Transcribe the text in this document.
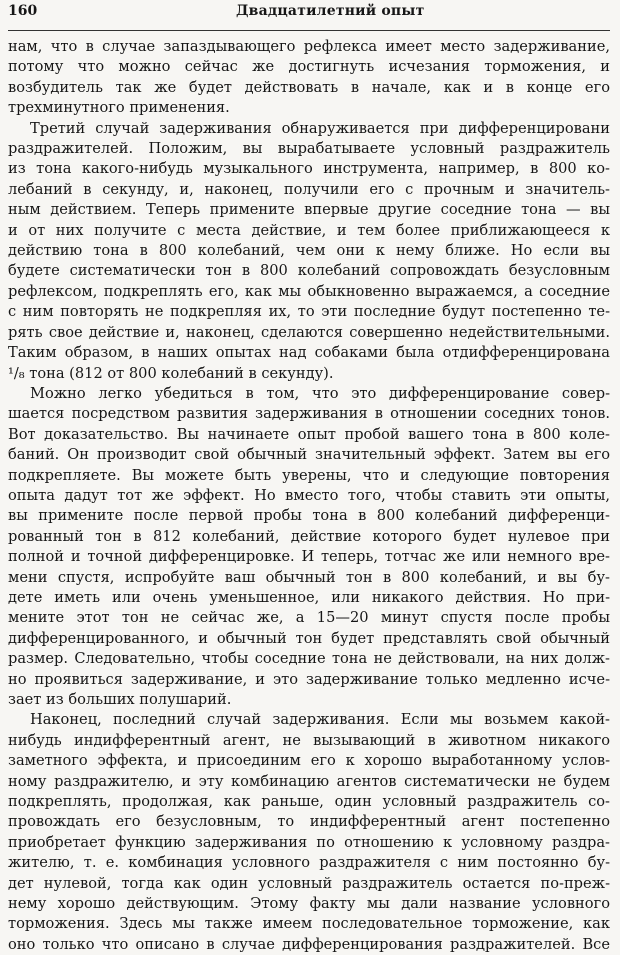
160	Двадцатилетний опыт
нам, что в случае запаздывающего рефлекса имеет место задерживание,
потому что можно сейчас же достигнуть исчезания торможения, и
возбудитель так же будет действовать в начале, как и в конце его
трехминутного применения.
Третий случай задерживания обнаруживается при дифференцировани
раздражителей. Положим, вы вырабатываете условный раздражитель
из тона какого-нибудь музыкального инструмента, например, в 800 ко-
лебаний в секунду, и, наконец, получили его с прочным и значитель-
ным действием. Теперь примените впервые другие соседние тона — вы
и от них получите с места действие, и тем более приближающееся к
действию тона в 800 колебаний, чем они к нему ближе. Но если вы
будете систематически тон в 800 колебаний сопровождать безусловным
рефлексом, подкреплять его, как мы обыкновенно выражаемся, а соседние
с ним повторять не подкрепляя их, то эти последние будут постепенно те-
рять свое действие и, наконец, сделаются совершенно недействительными.
Таким образом, в наших опытах над собаками была отдифференцирована
¹/₈ тона (812 от 800 колебаний в секунду).
Можно легко убедиться в том, что это дифференцирование совер-
шается посредством развития задерживания в отношении соседних тонов.
Вот доказательство. Вы начинаете опыт пробой вашего тона в 800 коле-
баний. Он производит свой обычный значительный эффект. Затем вы его
подкрепляете. Вы можете быть уверены, что и следующие повторения
опыта дадут тот же эффект. Но вместо того, чтобы ставить эти опыты,
вы примените после первой пробы тона в 800 колебаний дифференци-
рованный тон в 812 колебаний, действие которого будет нулевое при
полной и точной дифференцировке. И теперь, тотчас же или немного вре-
мени спустя, испробуйте ваш обычный тон в 800 колебаний, и вы бу-
дете иметь или очень уменьшенное, или никакого действия. Но при-
мените этот тон не сейчас же, а 15—20 минут спустя после пробы
дифференцированного, и обычный тон будет представлять свой обычный
размер. Следовательно, чтобы соседние тона не действовали, на них долж-
но проявиться задерживание, и это задерживание только медленно исче-
зает из больших полушарий.
Наконец, последний случай задерживания. Если мы возьмем какой-
нибудь индифферентный агент, не вызывающий в животном никакого
заметного эффекта, и присоединим его к хорошо выработанному услов-
ному раздражителю, и эту комбинацию агентов систематически не будем
подкреплять, продолжая, как раньше, один условный раздражитель со-
провождать его безусловным, то индифферентный агент постепенно
приобретает функцию задерживания по отношению к условному раздра-
жителю, т. е. комбинация условного раздражителя с ним постоянно бу-
дет нулевой, тогда как один условный раздражитель остается по-преж-
нему хорошо действующим. Этому факту мы дали название условного
торможения. Здесь мы также имеем последовательное торможение, как
оно только что описано в случае дифференцирования раздражителей. Все
